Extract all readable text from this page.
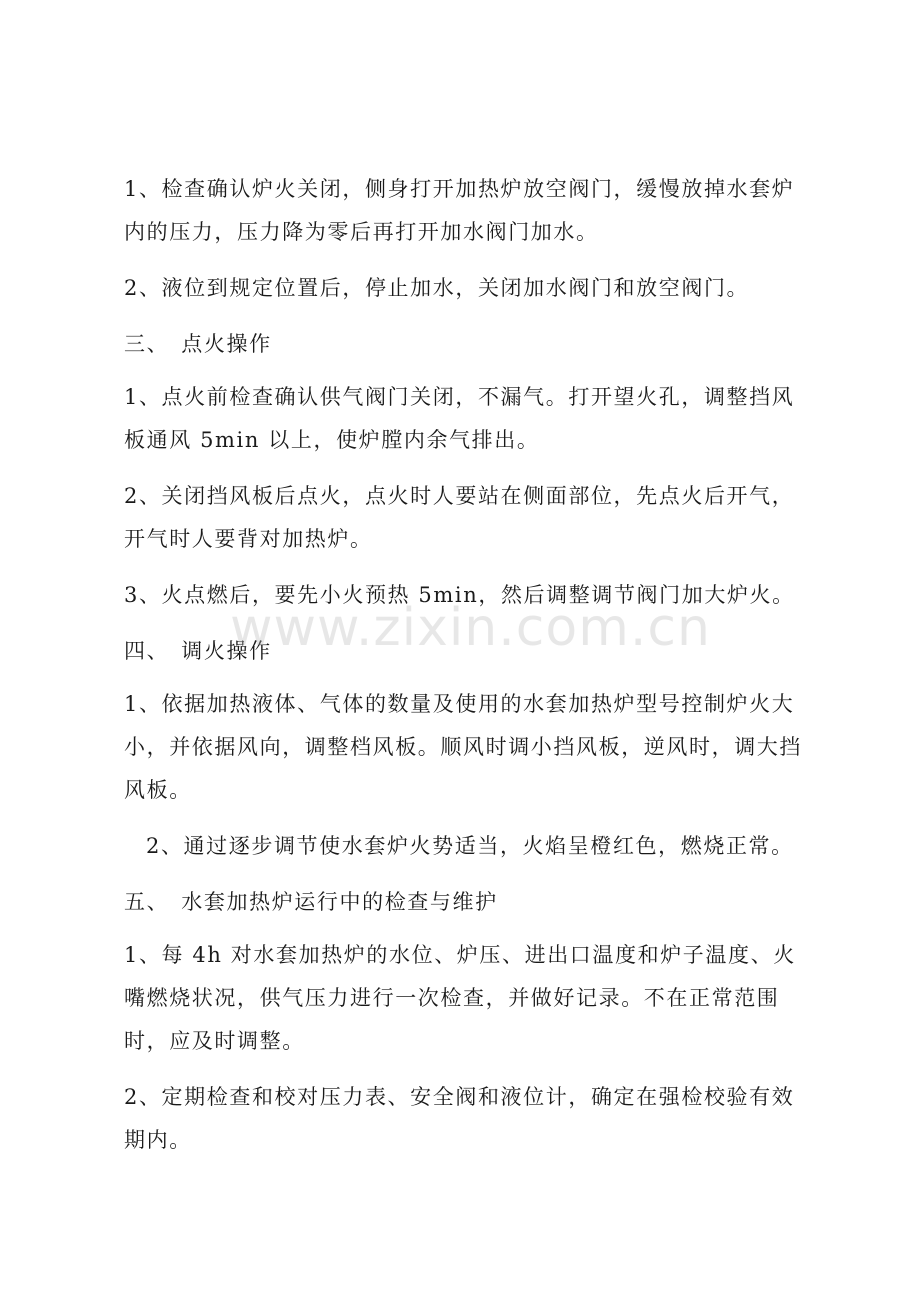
1、检查确认炉火关闭，侧身打开加热炉放空阀门，缓慢放掉水套炉内的压力，压力降为零后再打开加水阀门加水。

2、液位到规定位置后，停止加水，关闭加水阀门和放空阀门。

三、　点火操作

1、点火前检查确认供气阀门关闭，不漏气。打开望火孔，调整挡风板通风 5min 以上，使炉膛内余气排出。

2、关闭挡风板后点火，点火时人要站在侧面部位，先点火后开气，开气时人要背对加热炉。

3、火点燃后，要先小火预热 5min，然后调整调节阀门加大炉火。

四、　调火操作

1、依据加热液体、气体的数量及使用的水套加热炉型号控制炉火大小，并依据风向，调整档风板。顺风时调小挡风板，逆风时，调大挡风板。

2、通过逐步调节使水套炉火势适当，火焰呈橙红色，燃烧正常。

五、　水套加热炉运行中的检查与维护

1、每 4h 对水套加热炉的水位、炉压、进出口温度和炉子温度、火嘴燃烧状况，供气压力进行一次检查，并做好记录。不在正常范围时，应及时调整。

2、定期检查和校对压力表、安全阀和液位计，确定在强检校验有效期内。

www.zixin.com.cn
